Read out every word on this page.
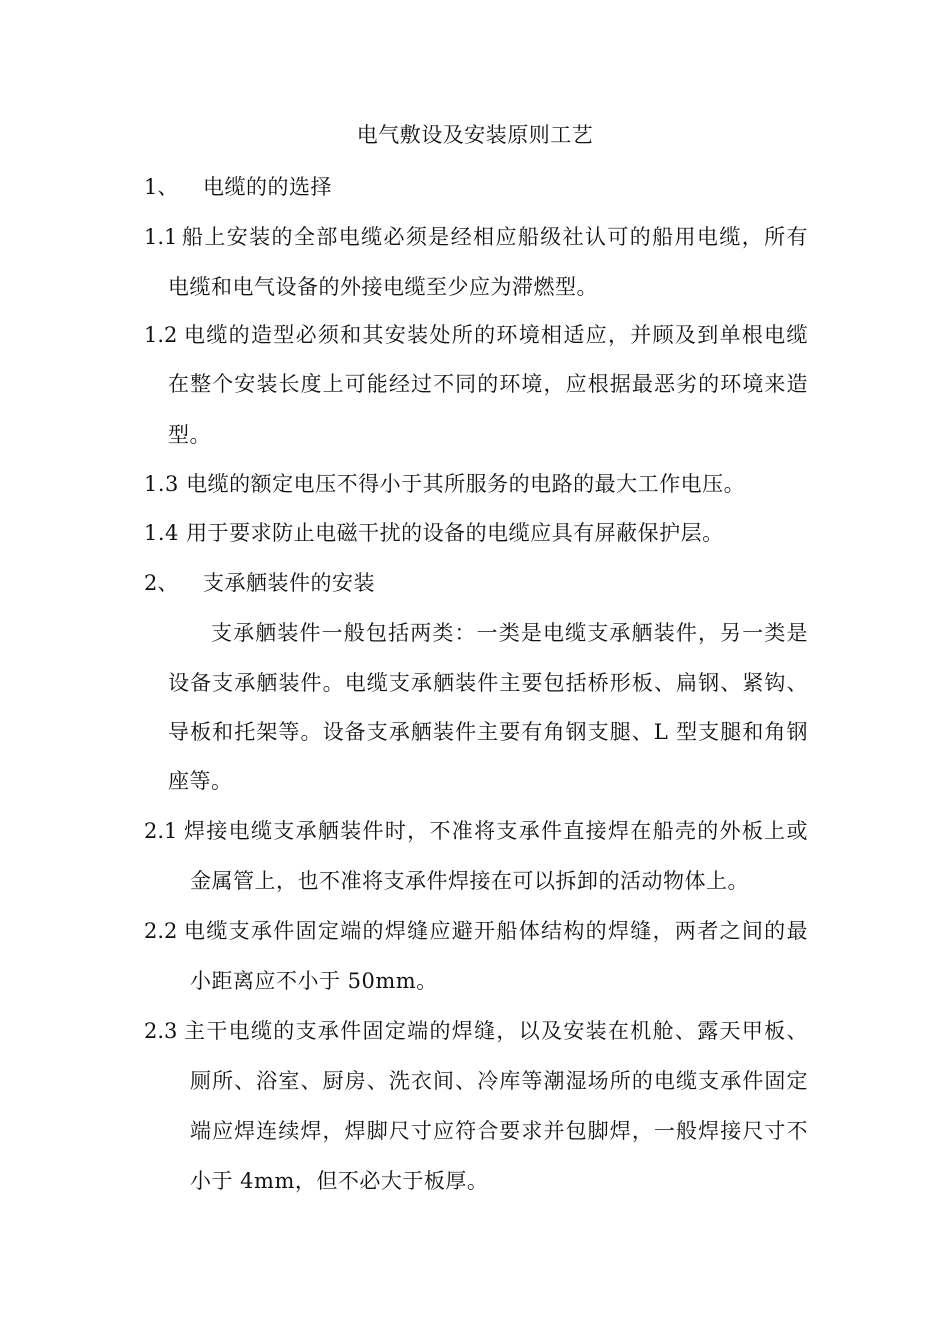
电气敷设及安装原则工艺
1、 电缆的的选择
1.1 船上安装的全部电缆必须是经相应船级社认可的船用电缆，所有
电缆和电气设备的外接电缆至少应为滞燃型。
1.2 电缆的造型必须和其安装处所的环境相适应，并顾及到单根电缆
在整个安装长度上可能经过不同的环境，应根据最恶劣的环境来造
型。
1.3 电缆的额定电压不得小于其所服务的电路的最大工作电压。
1.4 用于要求防止电磁干扰的设备的电缆应具有屏蔽保护层。
2、 支承舾装件的安装
支承舾装件一般包括两类：一类是电缆支承舾装件，另一类是
设备支承舾装件。电缆支承舾装件主要包括桥形板、扁钢、紧钩、
导板和托架等。设备支承舾装件主要有角钢支腿、L 型支腿和角钢
座等。
2.1 焊接电缆支承舾装件时，不准将支承件直接焊在船壳的外板上或
金属管上，也不准将支承件焊接在可以拆卸的活动物体上。
2.2 电缆支承件固定端的焊缝应避开船体结构的焊缝，两者之间的最
小距离应不小于 50mm。
2.3 主干电缆的支承件固定端的焊缝，以及安装在机舱、露天甲板、
厕所、浴室、厨房、洗衣间、冷库等潮湿场所的电缆支承件固定
端应焊连续焊，焊脚尺寸应符合要求并包脚焊，一般焊接尺寸不
小于 4mm，但不必大于板厚。
